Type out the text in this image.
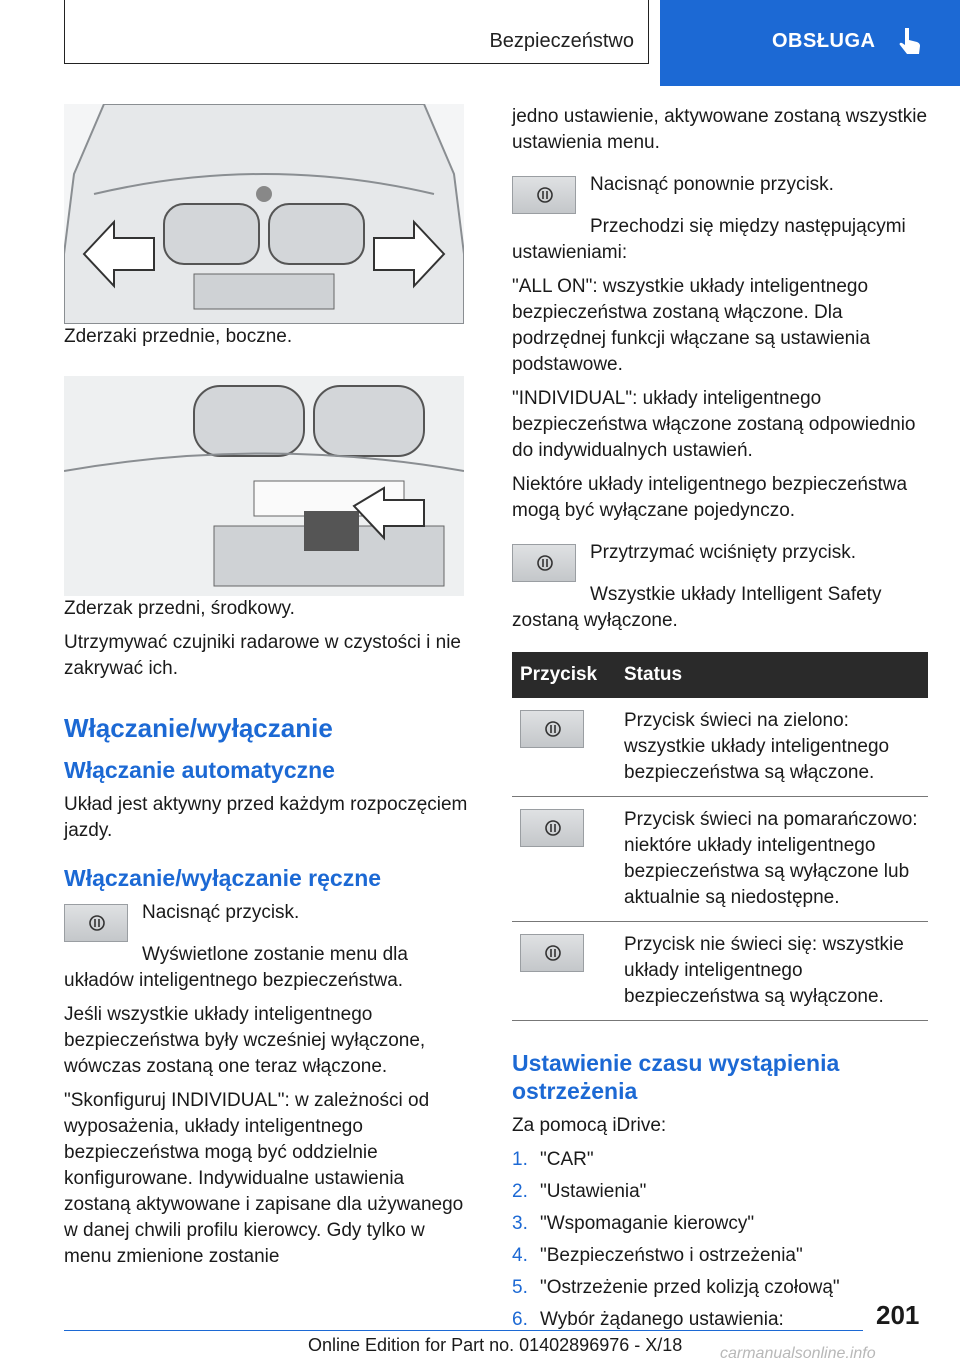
Bezpieczeństwo	OBSŁUGA

Zderzaki przednie, boczne.

Zderzak przedni, środkowy.

Utrzymywać czujniki radarowe w czystości i nie zakrywać ich.

Włączanie/wyłączanie
Włączanie automatyczne

Układ jest aktywny przed każdym rozpoczęciem jazdy.

Włączanie/wyłączanie ręczne

Nacisnąć przycisk.

Wyświetlone zostanie menu dla układów inteligentnego bezpieczeństwa.

Jeśli wszystkie układy inteligentnego bezpieczeństwa były wcześniej wyłączone, wówczas zostaną one teraz włączone.

"Skonfiguruj INDIVIDUAL": w zależności od wyposażenia, układy inteligentnego bezpieczeństwa mogą być oddzielnie konfigurowane. Indywidualne ustawienia zostaną aktywowane i zapisane dla używanego w danej chwili profilu kierowcy. Gdy tylko w menu zmienione zostanie

jedno ustawienie, aktywowane zostaną wszystkie ustawienia menu.

Nacisnąć ponownie przycisk.

Przechodzi się między następującymi ustawieniami:

"ALL ON": wszystkie układy inteligentnego bezpieczeństwa zostaną włączone. Dla podrzędnej funkcji włączane są ustawienia podstawowe.

"INDIVIDUAL": układy inteligentnego bezpieczeństwa włączone zostaną odpowiednio do indywidualnych ustawień.

Niektóre układy inteligentnego bezpieczeństwa mogą być wyłączane pojedynczo.

Przytrzymać wciśnięty przycisk.

Wszystkie układy Intelligent Safety zostaną wyłączone.

Przycisk	Status

	Przycisk świeci na zielono: wszystkie układy inteligentnego bezpieczeństwa są włączone.

	Przycisk świeci na pomarańczowo: niektóre układy inteligentnego bezpieczeństwa są wyłączone lub aktualnie są niedostępne.

	Przycisk nie świeci się: wszystkie układy inteligentnego bezpieczeństwa są wyłączone.
Ustawienie czasu wystąpienia ostrzeżenia

Za pomocą iDrive:

1. "CAR"
2. "Ustawienia"
3. "Wspomaganie kierowcy"
4. "Bezpieczeństwo i ostrzeżenia"
5. "Ostrzeżenie przed kolizją czołową"
6. Wybór żądanego ustawienia:	201
Online Edition for Part no. 01402896976 - X/18 carmanualsonline.info
